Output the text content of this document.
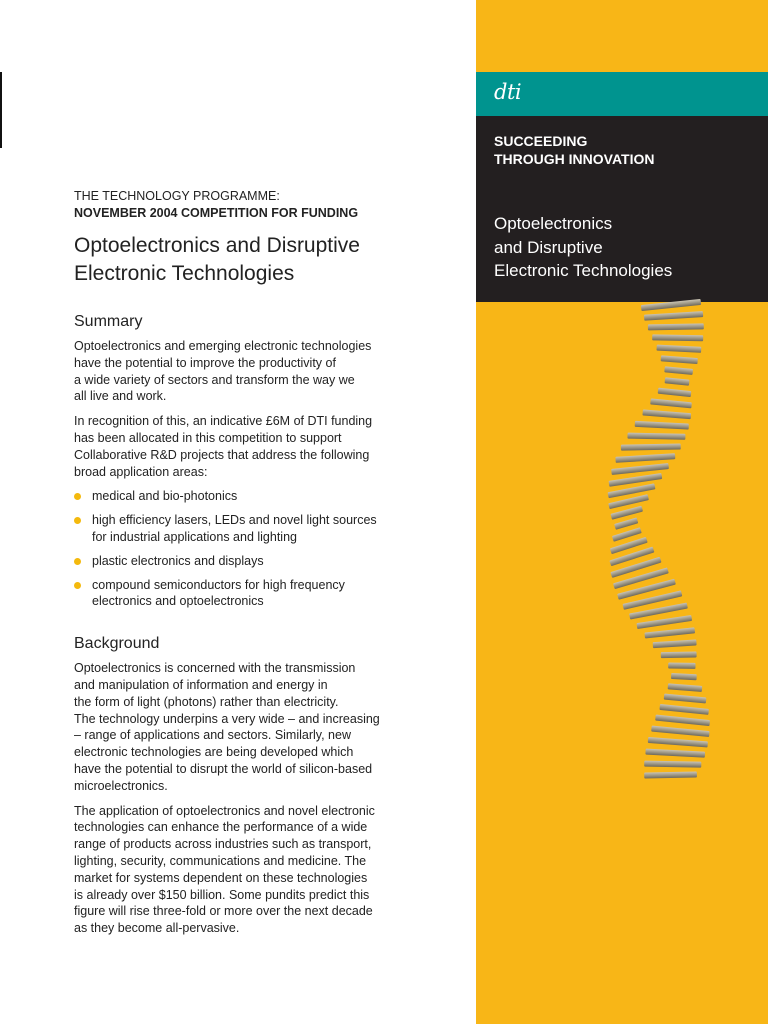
THE TECHNOLOGY PROGRAMME:
NOVEMBER 2004 COMPETITION FOR FUNDING
Optoelectronics and Disruptive
Electronic Technologies
Summary

Optoelectronics and emerging electronic technologies
have the potential to improve the productivity of
a wide variety of sectors and transform the way we
all live and work.

In recognition of this, an indicative £6M of DTI funding
has been allocated in this competition to support
Collaborative R&D projects that address the following
broad application areas:

medical and bio-photonics
high efficiency lasers, LEDs and novel light sources
for industrial applications and lighting
plastic electronics and displays
compound semiconductors for high frequency
electronics and optoelectronics
Background

Optoelectronics is concerned with the transmission
and manipulation of information and energy in
the form of light (photons) rather than electricity.
The technology underpins a very wide – and increasing
– range of applications and sectors. Similarly, new
electronic technologies are being developed which
have the potential to disrupt the world of silicon-based
microelectronics.

The application of optoelectronics and novel electronic
technologies can enhance the performance of a wide
range of products across industries such as transport,
lighting, security, communications and medicine. The
market for systems dependent on these technologies
is already over $150 billion. Some pundits predict this
figure will rise three-fold or more over the next decade
as they become all-pervasive.

dti
SUCCEEDING
THROUGH INNOVATION
Optoelectronics
and Disruptive
Electronic Technologies
